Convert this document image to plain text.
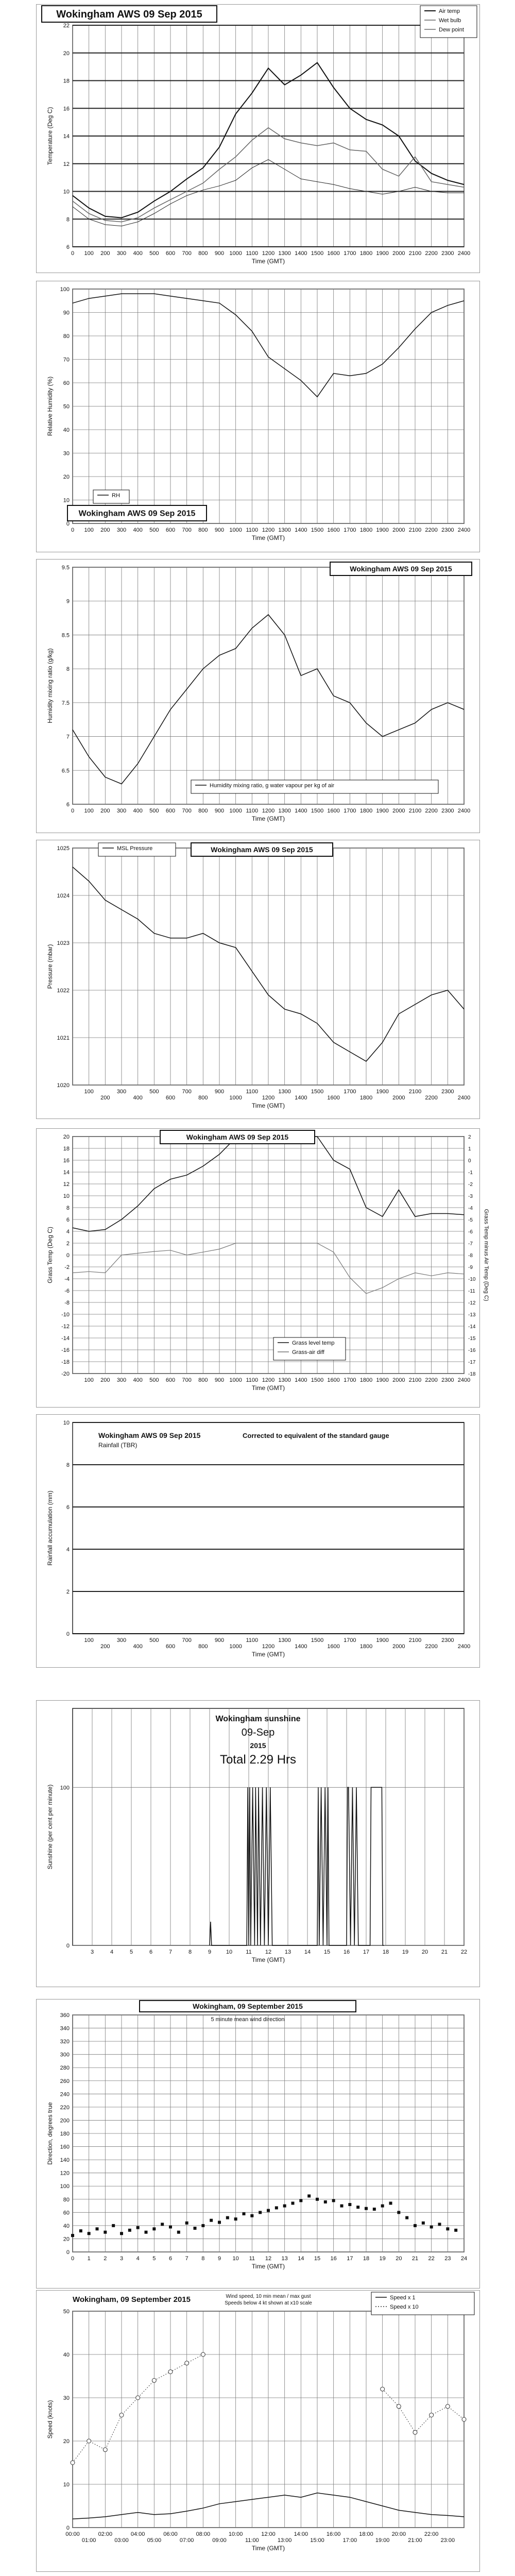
6
8
10
12
14
16
18
20
22
0 100 200 300 400 500 600 700 800 900 1000 1100 1200 1300 1400 1500 1600 1700 1800 1900 2000 2100 2200 2300 2400
Time (GMT)
Temperature (Deg C)
Wokingham AWS 09 Sep 2015	Air temp
Wet bulb
Dew point
0
10
20
30
40
50
60
70
80
90
100
0 100 200 300 400 500 600 700 800 900 1000 1100 1200 1300 1400 1500 1600 1700 1800 1900 2000 2100 2200 2300 2400
Time (GMT)
Relative Humidity (%)
RH
Wokingham AWS 09 Sep 2015
6
6.5
7
7.5
8
8.5
9
9.5
0 100 200 300 400 500 600 700 800 900 1000 1100 1200 1300 1400 1500 1600 1700 1800 1900 2000 2100 2200 2300 2400
Time (GMT)
Humidity mixing ratio (g/kg)
Wokingham AWS 09 Sep 2015
Humidity mixing ratio, g water vapour per kg of air
1020
1021
1022
1023
1024
1025
100
200
300
400
500
600
700
800
900
1000
1100
1200
1300
1400
1500
1600
1700
1800
1900
2000
2100
2200
2300
2400
Time (GMT)
Pressure (mbar)
MSL Pressure	Wokingham AWS 09 Sep 2015
-20
-18
-16
-14
-12
-10
-8
-6
-4
-2
0
2
4
6
8
10
12
14
16
18
20
100 200 300 400 500 600 700 800 900 1000 1100 1200 1300 1400 1500 1600 1700 1800 1900 2000 2100 2200 2300 2400
Time (GMT)
Grass Temp (Deg C)
2
1
0
-1
-2
-3
-4
-5
-6
-7
-8
-9
-10
-11
-12
-13
-14
-15
-16
-17
-18
Grass Temp minus Air Temp (Deg C)
Wokingham AWS 09 Sep 2015
Grass level temp
Grass-air diff
0
2
4
6
8
10
100
200
300
400
500
600
700
800
900
1000
1100
1200
1300
1400
1500
1600
1700
1800
1900
2000
2100
2200
2300
2400
Time (GMT)
Rainfall accumulation (mm)
Wokingham AWS 09 Sep 2015
Rainfall (TBR)
Corrected to equivalent of the standard gauge
0
100
3	4	5	6	7	8	9	10 11 12 13 14 15 16 17 18 19 20 21 22
Time (GMT)
Sunshine (per cent per minute)
Wokingham sunshine
09-Sep
2015
Total 2.29 Hrs
0
20
40
60
80
100
120
140
160
180
200
220
240
260
280
300
320
340
360
0 1 2 3 4 5 6 7 8 9 10 11 12 13 14 15 16 17 18 19 20 21 22 23 24
Time (GMT)
Direction, degrees true
Wokingham, 09 September 2015
5 minute mean wind direction
0
10
20
30
40
50
00:00
01:00
02:00
03:00
04:00
05:00
06:00
07:00
08:00
09:00
10:00
11:00
12:00
13:00
14:00
15:00
16:00
17:00
18:00
19:00
20:00
21:00
22:00
23:00
Time (GMT)
Speed (knots)
Wokingham, 09 September 2015	Wind speed, 10 min mean / max gust
Speeds below 4 kt shown at x10 scale
Speed x 1
Speed x 10
